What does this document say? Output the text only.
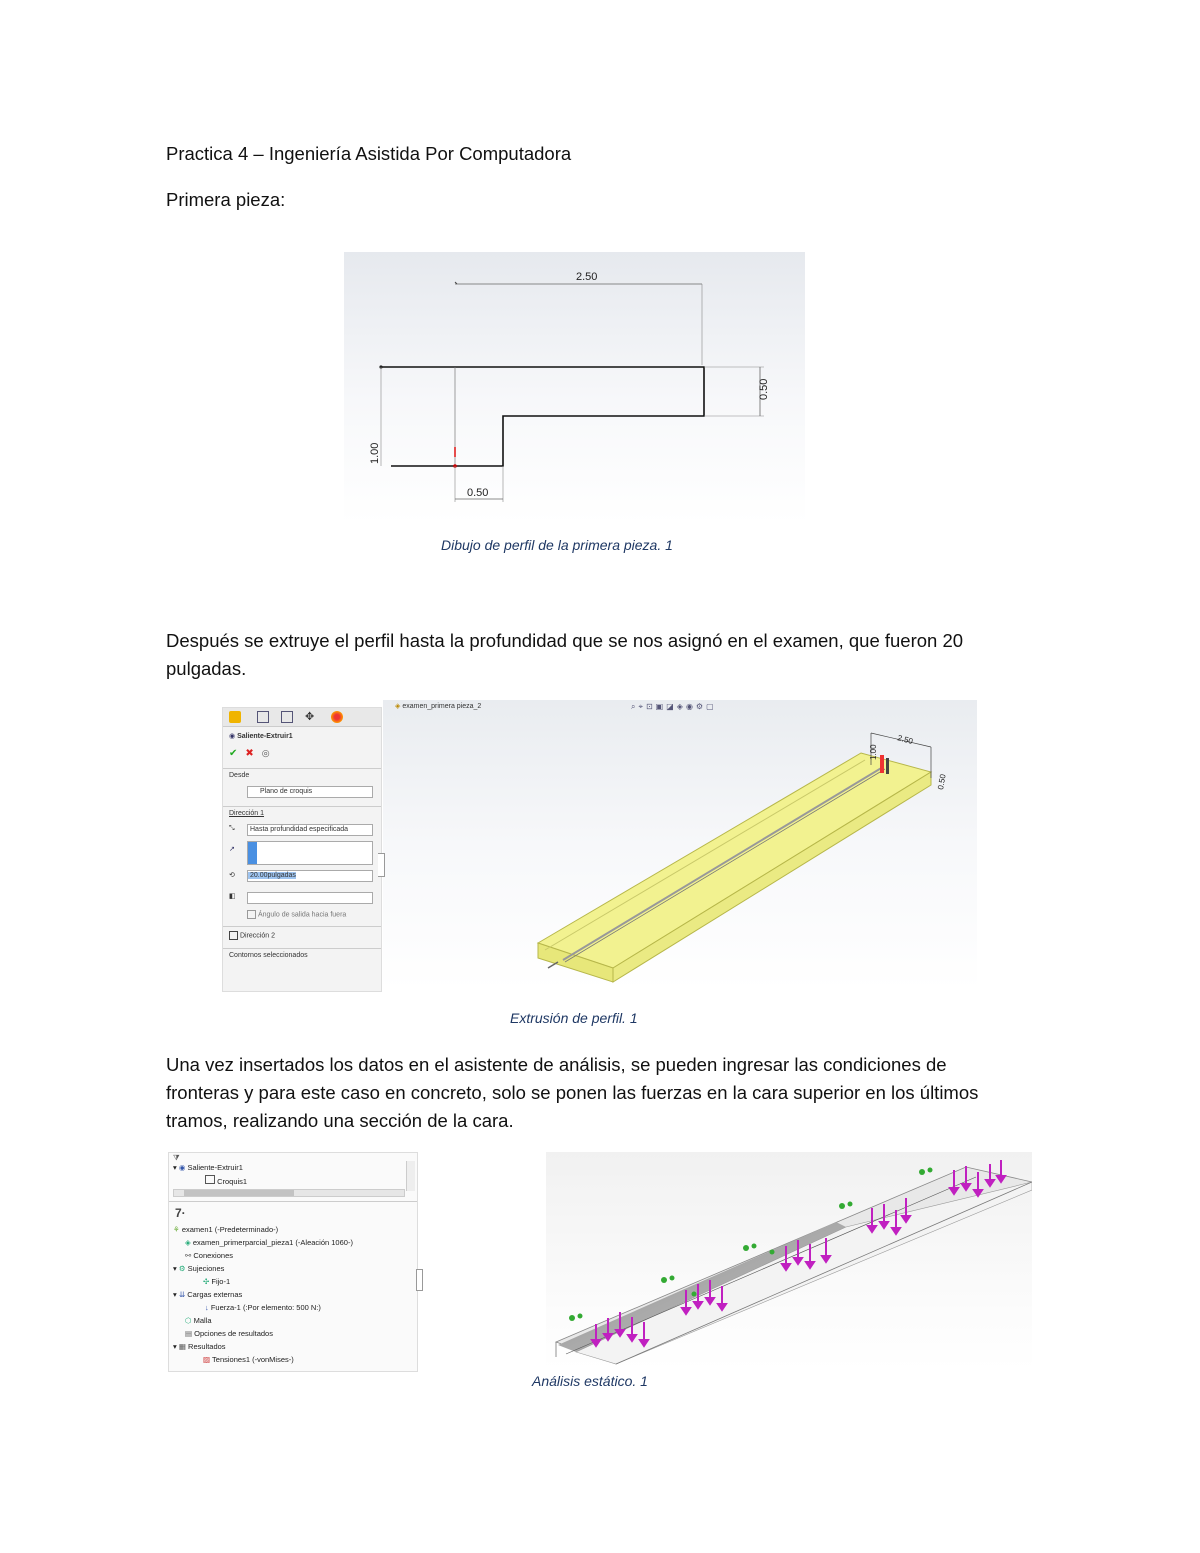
Practica 4 – Ingeniería Asistida Por Computadora

Primera pieza:

2.50
0.50
1.00
0.50

Dibujo de perfil de la primera pieza. 1

Después se extruye el perfil hasta la profundidad que se nos asignó en el examen, que fueron 20

pulgadas.

✥
◉ Saliente-Extruir1
✔ ✖ ◎
Desde
Plano de croquis
Dirección 1
⤡	Hasta profundidad especificada
↗
⟲	20.00pulgadas
◧
Ángulo de salida hacia fuera
Dirección 2
Contornos seleccionados
◈ examen_primera pieza_2	⌕⌖⊡▣◪◈◉⚙▢
2.50
1.00
0.50

Extrusión de perfil. 1

Una vez insertados los datos en el asistente de análisis, se pueden ingresar las condiciones de

fronteras y para este caso en concreto, solo se ponen las fuerzas en la cara superior en los últimos

tramos, realizando una sección de la cara.

⧩
▾ ◉ Saliente-Extruir1
Croquis1
7·
⚘ examen1 (-Predeterminado-)
◈ examen_primerparcial_pieza1 (-Aleación 1060-)
⚯ Conexiones
▾ ⚙ Sujeciones
✣ Fijo-1
▾ ⇊ Cargas externas
↓ Fuerza-1 (:Por elemento: 500 N:)
⬡ Malla
▤ Opciones de resultados
▾ ▦ Resultados
▨ Tensiones1 (-vonMises-)

Análisis estático. 1
